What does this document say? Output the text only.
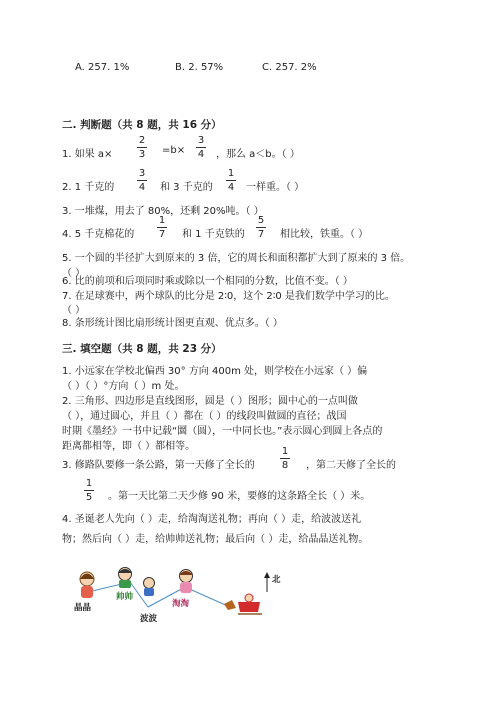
A. 257. 1%	B. 2. 57%	C. 257. 2%
二. 判断题（共 8 题，共 16 分）
1. 如果 a×
2
3	=b×
3
4	，那么 a＜b。（ ）
2. 1 千克的
3
4	和 3 千克的
1
4	一样重。（ ）
3. 一堆煤，用去了 80%，还剩 20%吨。（ ）
4. 5 千克棉花的
1
7	和 1 千克铁的
5
7	相比较，铁重。（ ）
5. 一个圆的半径扩大到原来的 3 倍，它的周长和面积都扩大到了原来的 3 倍。
（ ）
6. 比的前项和后项同时乘或除以一个相同的分数，比值不变。（ ）
7. 在足球赛中，两个球队的比分是 2∶0，这个 2∶0 是我们数学中学习的比。
（ ）
8. 条形统计图比扇形统计图更直观、优点多。（ ）
三. 填空题（共 8 题，共 23 分）
1. 小远家在学校北偏西 30° 方向 400m 处，则学校在小远家（ ）偏
（ ）（ ）°方向（ ）m 处。
2. 三角形、四边形是直线图形，圆是（ ）图形；圆中心的一点叫做
（ ），通过圆心，并且（ ）都在（ ）的线段叫做圆的直径；战国
时期《墨经》一书中记载“圜（圆），一中同长也。”表示圆心到圆上各点的
距离都相等，即（ ）都相等。
3. 修路队要修一条公路，第一天修了全长的
1
8	，第二天修了全长的
1
5	。第一天比第二天少修 90 米，要修的这条路全长（ ）米。
4. 圣诞老人先向（ ）走，给淘淘送礼物；再向（ ）走，给波波送礼
物；然后向（ ）走，给帅帅送礼物；最后向（ ）走，给晶晶送礼物。
晶晶
帅帅
波波
淘淘
北
